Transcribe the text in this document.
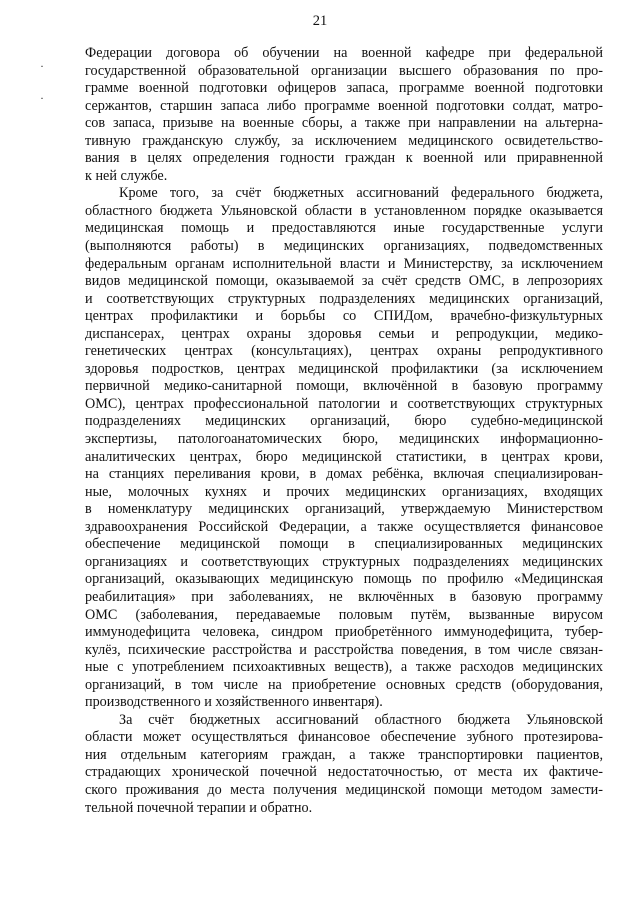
21
·
·

Федерации договора об обучении на военной кафедре при федеральной
государственной образовательной организации высшего образования по про-
грамме военной подготовки офицеров запаса, программе военной подготовки
сержантов, старшин запаса либо программе военной подготовки солдат, матро-
сов запаса, призыве на военные сборы, а также при направлении на альтерна-
тивную гражданскую службу, за исключением медицинского освидетельство-
вания в целях определения годности граждан к военной или приравненной
к ней службе.

Кроме того, за счёт бюджетных ассигнований федерального бюджета,
областного бюджета Ульяновской области в установленном порядке оказывается
медицинская помощь и предоставляются иные государственные услуги
(выполняются работы) в медицинских организациях, подведомственных
федеральным органам исполнительной власти и Министерству, за исключением
видов медицинской помощи, оказываемой за счёт средств ОМС, в лепрозориях
и соответствующих структурных подразделениях медицинских организаций,
центрах профилактики и борьбы со СПИДом, врачебно-физкультурных
диспансерах, центрах охраны здоровья семьи и репродукции, медико-
генетических центрах (консультациях), центрах охраны репродуктивного
здоровья подростков, центрах медицинской профилактики (за исключением
первичной медико-санитарной помощи, включённой в базовую программу
ОМС), центрах профессиональной патологии и соответствующих структурных
подразделениях медицинских организаций, бюро судебно-медицинской
экспертизы, патологоанатомических бюро, медицинских информационно-
аналитических центрах, бюро медицинской статистики, в центрах крови,
на станциях переливания крови, в домах ребёнка, включая специализирован-
ные, молочных кухнях и прочих медицинских организациях, входящих
в номенклатуру медицинских организаций, утверждаемую Министерством
здравоохранения Российской Федерации, а также осуществляется финансовое
обеспечение медицинской помощи в специализированных медицинских
организациях и соответствующих структурных подразделениях медицинских
организаций, оказывающих медицинскую помощь по профилю «Медицинская
реабилитация» при заболеваниях, не включённых в базовую программу
ОМС (заболевания, передаваемые половым путём, вызванные вирусом
иммунодефицита человека, синдром приобретённого иммунодефицита, тубер-
кулёз, психические расстройства и расстройства поведения, в том числе связан-
ные с употреблением психоактивных веществ), а также расходов медицинских
организаций, в том числе на приобретение основных средств (оборудования,
производственного и хозяйственного инвентаря).

За счёт бюджетных ассигнований областного бюджета Ульяновской
области может осуществляться финансовое обеспечение зубного протезирова-
ния отдельным категориям граждан, а также транспортировки пациентов,
страдающих хронической почечной недостаточностью, от места их фактиче-
ского проживания до места получения медицинской помощи методом замести-
тельной почечной терапии и обратно.
